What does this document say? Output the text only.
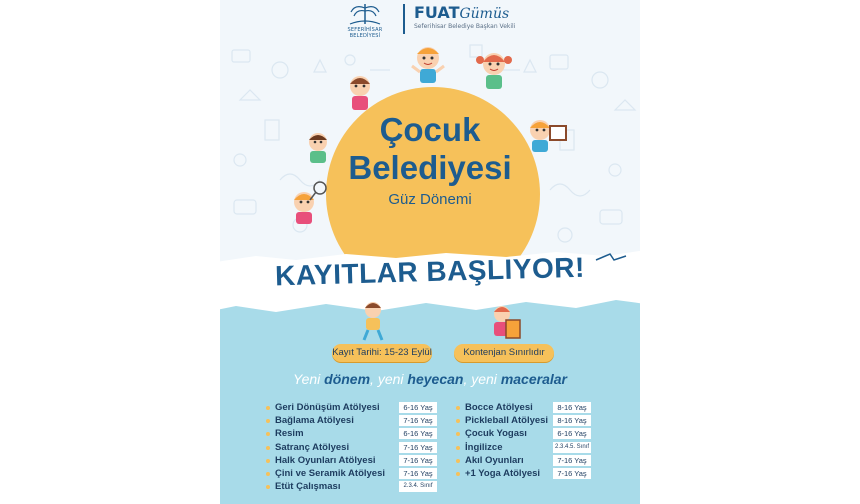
SEFERİHİSAR BELEDİYESİ
FUATGümüs
Seferihisar Belediye Başkan Vekili
Çocuk
Belediyesi
Güz Dönemi
KAYITLAR BAŞLIYOR!
Kayıt Tarihi: 15-23 Eylül	Kontenjan Sınırlıdır
Yeni dönem, yeni heyecan, yeni maceralar
Geri Dönüşüm Atölyesi	6-16 Yaş
Bağlama Atölyesi	7-16 Yaş
Resim	6-16 Yaş
Satranç Atölyesi	7-16 Yaş
Halk Oyunları Atölyesi	7-16 Yaş
Çini ve Seramik Atölyesi	7-16 Yaş
Etüt Çalışması	2.3.4. Sınıf
Bocce Atölyesi	8-16 Yaş
Pickleball Atölyesi	8-16 Yaş
Çocuk Yogası	6-16 Yaş
İngilizce	2.3.4.5. Sınıf
Akıl Oyunları	7-16 Yaş
+1 Yoga Atölyesi	7-16 Yaş
